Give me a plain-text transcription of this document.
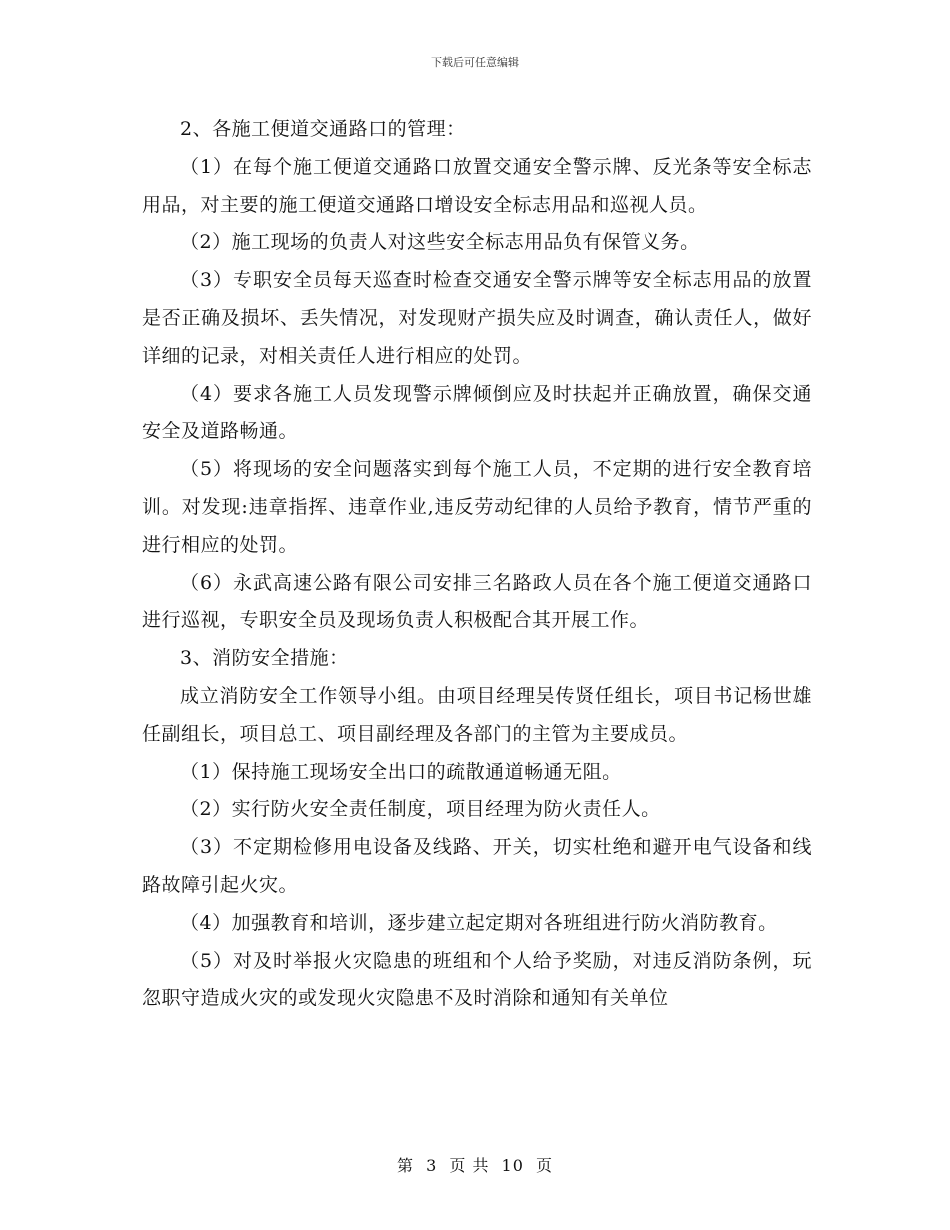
下载后可任意编辑

2、各施工便道交通路口的管理：

（1）在每个施工便道交通路口放置交通安全警示牌、反光条等安全标志用品，对主要的施工便道交通路口增设安全标志用品和巡视人员。

（2）施工现场的负责人对这些安全标志用品负有保管义务。

（3）专职安全员每天巡查时检查交通安全警示牌等安全标志用品的放置是否正确及损坏、丢失情况，对发现财产损失应及时调查，确认责任人，做好详细的记录，对相关责任人进行相应的处罚。

（4）要求各施工人员发现警示牌倾倒应及时扶起并正确放置，确保交通安全及道路畅通。

（5）将现场的安全问题落实到每个施工人员，不定期的进行安全教育培训。对发现:违章指挥、违章作业,违反劳动纪律的人员给予教育，情节严重的进行相应的处罚。

（6）永武高速公路有限公司安排三名路政人员在各个施工便道交通路口进行巡视，专职安全员及现场负责人积极配合其开展工作。

3、消防安全措施：

成立消防安全工作领导小组。由项目经理吴传贤任组长，项目书记杨世雄任副组长，项目总工、项目副经理及各部门的主管为主要成员。

（1）保持施工现场安全出口的疏散通道畅通无阻。

（2）实行防火安全责任制度，项目经理为防火责任人。

（3）不定期检修用电设备及线路、开关，切实杜绝和避开电气设备和线路故障引起火灾。

（4）加强教育和培训，逐步建立起定期对各班组进行防火消防教育。

（5）对及时举报火灾隐患的班组和个人给予奖励，对违反消防条例，玩忽职守造成火灾的或发现火灾隐患不及时消除和通知有关单位

第 3 页 共 10 页
